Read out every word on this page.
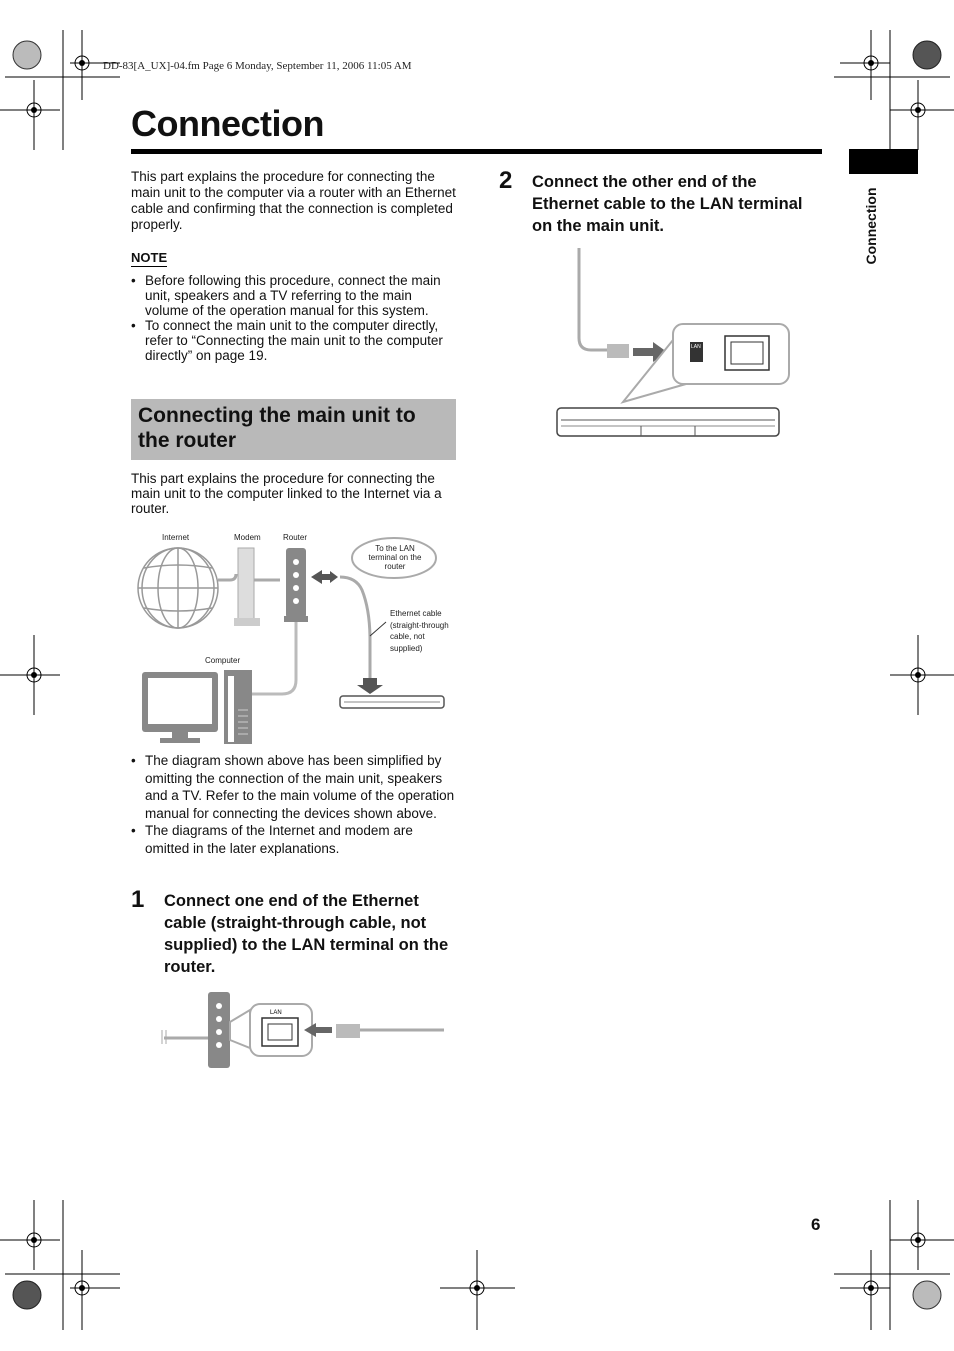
DD-83[A_UX]-04.fm Page 6 Monday, September 11, 2006 11:05 AM
Connection
Connection
This part explains the procedure for connecting the main unit to the computer via a router with an Ethernet cable and confirming that the connection is completed properly.
NOTE
• Before following this procedure, connect the main unit, speakers and a TV referring to the main volume of the operation manual for this system.
• To connect the main unit to the computer directly, refer to “Connecting the main unit to the computer directly” on page 19.
Connecting the main unit to the router
This part explains the procedure for connecting the main unit to the computer linked to the Internet via a router.
Internet	Modem	Router
Computer
To the LAN terminal on the router
Ethernet cable (straight-through cable, not supplied)
• The diagram shown above has been simplified by omitting the connection of the main unit, speakers and a TV. Refer to the main volume of the operation manual for connecting the devices shown above.
• The diagrams of the Internet and modem are omitted in the later explanations.
1 Connect one end of the Ethernet cable (straight-through cable, not supplied) to the LAN terminal on the router.
LAN
2 Connect the other end of the Ethernet cable to the LAN terminal on the main unit.
LAN
6
